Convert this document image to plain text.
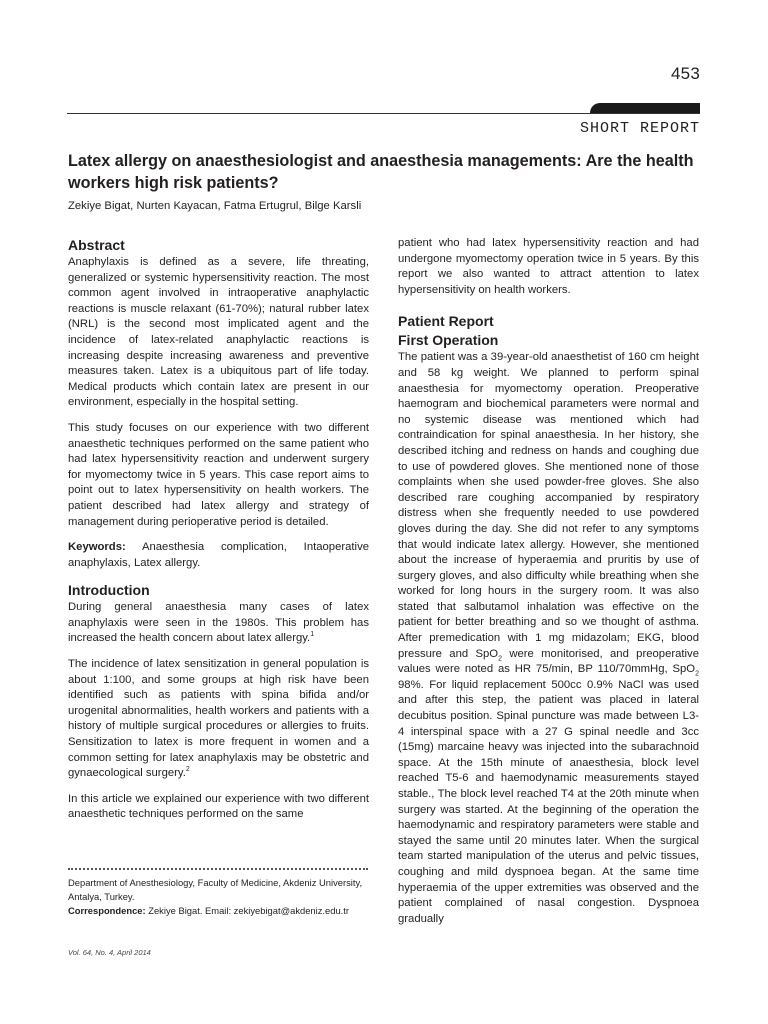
453
SHORT REPORT
Latex allergy on anaesthesiologist and anaesthesia managements: Are the health workers high risk patients?
Zekiye Bigat, Nurten Kayacan, Fatma Ertugrul, Bilge Karsli
Abstract

Anaphylaxis is defined as a severe, life threating, generalized or systemic hypersensitivity reaction. The most common agent involved in intraoperative anaphylactic reactions is muscle relaxant (61-70%); natural rubber latex (NRL) is the second most implicated agent and the incidence of latex-related anaphylactic reactions is increasing despite increasing awareness and preventive measures taken. Latex is a ubiquitous part of life today. Medical products which contain latex are present in our environment, especially in the hospital setting.

This study focuses on our experience with two different anaesthetic techniques performed on the same patient who had latex hypersensitivity reaction and underwent surgery for myomectomy twice in 5 years. This case report aims to point out to latex hypersensitivity on health workers. The patient described had latex allergy and strategy of management during perioperative period is detailed.

Keywords: Anaesthesia complication, Intaoperative anaphylaxis, Latex allergy.

Introduction

During general anaesthesia many cases of latex anaphylaxis were seen in the 1980s. This problem has increased the health concern about latex allergy.$^1$

The incidence of latex sensitization in general population is about 1:100, and some groups at high risk have been identified such as patients with spina bifida and/or urogenital abnormalities, health workers and patients with a history of multiple surgical procedures or allergies to fruits. Sensitization to latex is more frequent in women and a common setting for latex anaphylaxis may be obstetric and gynaecological surgery.$^2$

In this article we explained our experience with two different anaesthetic techniques performed on the same

patient who had latex hypersensitivity reaction and had undergone myomectomy operation twice in 5 years. By this report we also wanted to attract attention to latex hypersensitivity on health workers.

Patient Report
First Operation

The patient was a 39-year-old anaesthetist of 160 cm height and 58 kg weight. We planned to perform spinal anaesthesia for myomectomy operation. Preoperative haemogram and biochemical parameters were normal and no systemic disease was mentioned which had contraindication for spinal anaesthesia. In her history, she described itching and redness on hands and coughing due to use of powdered gloves. She mentioned none of those complaints when she used powder-free gloves. She also described rare coughing accompanied by respiratory distress when she frequently needed to use powdered gloves during the day. She did not refer to any symptoms that would indicate latex allergy. However, she mentioned about the increase of hyperaemia and pruritis by use of surgery gloves, and also difficulty while breathing when she worked for long hours in the surgery room. It was also stated that salbutamol inhalation was effective on the patient for better breathing and so we thought of asthma. After premedication with 1 mg midazolam; EKG, blood pressure and SpO$_2$ were monitorised, and preoperative values were noted as HR 75/min, BP 110/70mmHg, SpO$_2$ 98%. For liquid replacement 500cc 0.9% NaCl was used and after this step, the patient was placed in lateral decubitus position. Spinal puncture was made between L3-4 interspinal space with a 27 G spinal needle and 3cc (15mg) marcaine heavy was injected into the subarachnoid space. At the 15th minute of anaesthesia, block level reached T5-6 and haemodynamic measurements stayed stable., The block level reached T4 at the 20th minute when surgery was started. At the beginning of the operation the haemodynamic and respiratory parameters were stable and stayed the same until 20 minutes later. When the surgical team started manipulation of the uterus and pelvic tissues, coughing and mild dyspnoea began. At the same time hyperaemia of the upper extremities was observed and the patient complained of nasal congestion. Dyspnoea gradually

Department of Anesthesiology, Faculty of Medicine, Akdeniz University, Antalya, Turkey.

Correspondence: Zekiye Bigat. Email: zekiyebigat@akdeniz.edu.tr

Vol. 64, No. 4, April 2014
